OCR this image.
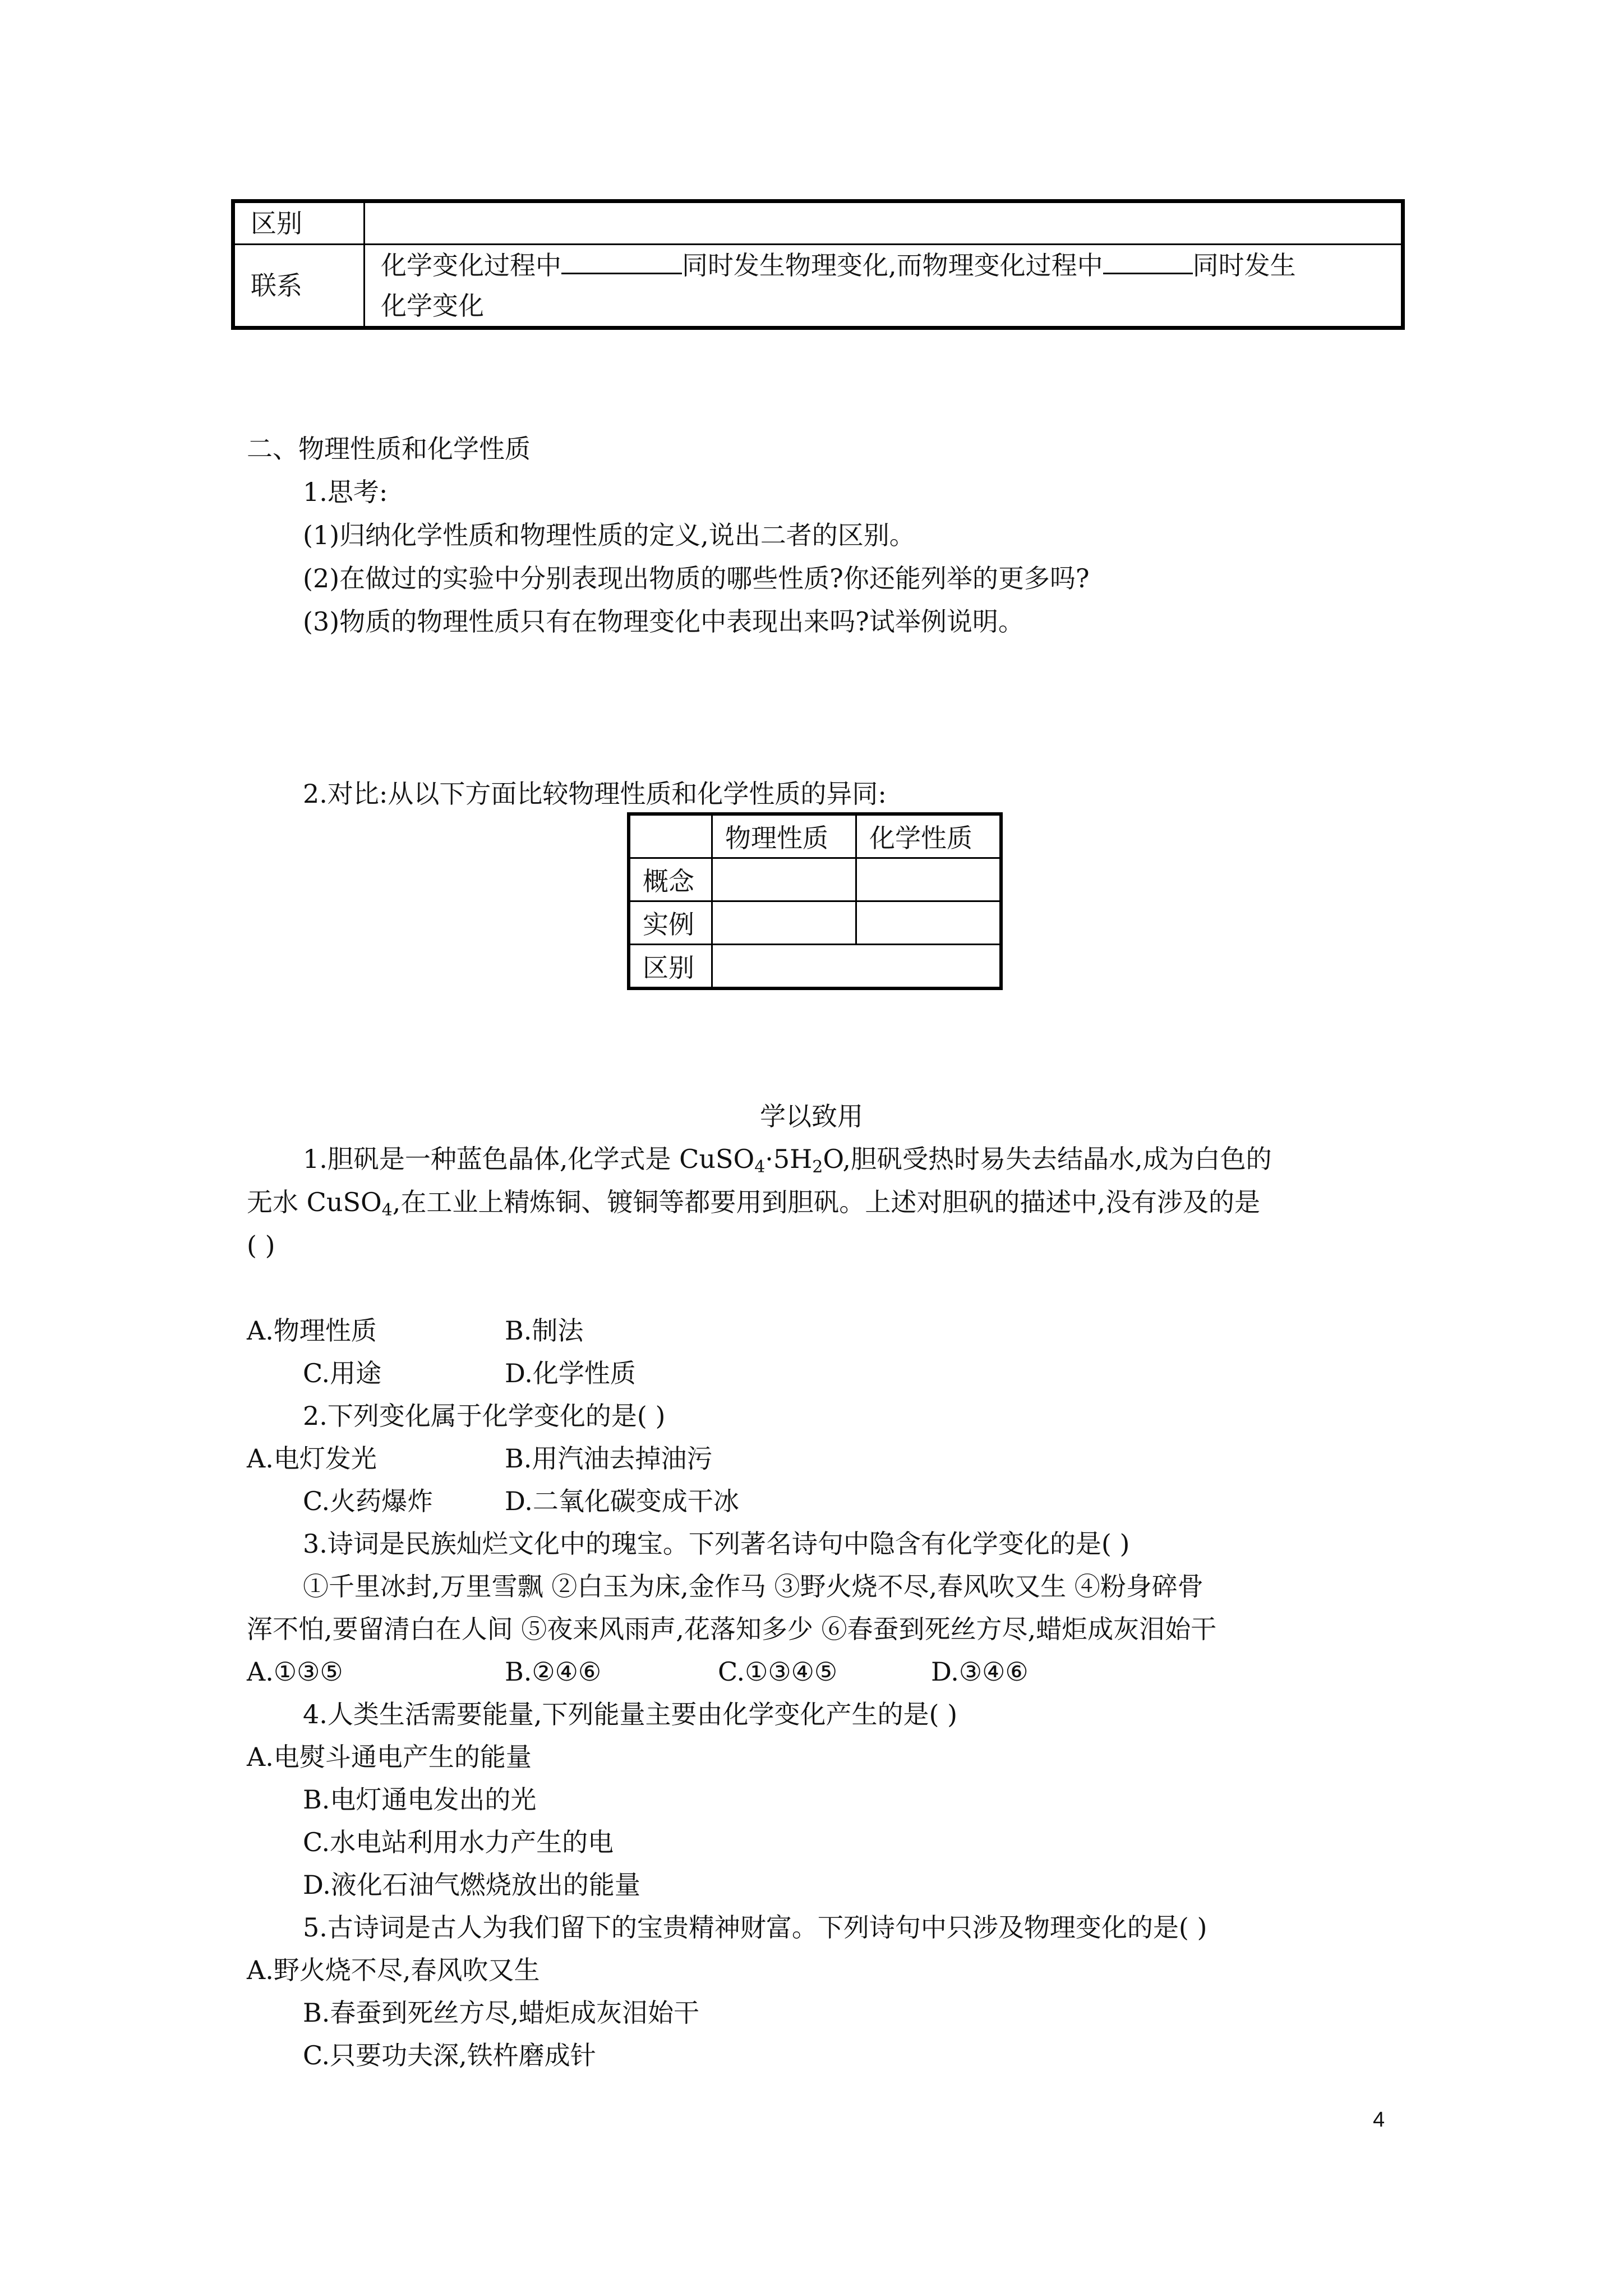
区别	
联系	化学变化过程中 同时发生物理变化,而物理变化过程中 同时发生
化学变化
二、物理性质和化学性质
1.思考:
(1)归纳化学性质和物理性质的定义,说出二者的区别。
(2)在做过的实验中分别表现出物质的哪些性质?你还能列举的更多吗?
(3)物质的物理性质只有在物理变化中表现出来吗?试举例说明。
2.对比:从以下方面比较物理性质和化学性质的异同:
	物理性质	化学性质
概念		
实例		
区别		
学以致用
1.胆矾是一种蓝色晶体,化学式是 $CuSO_4\cdot 5H_2O$,胆矾受热时易失去结晶水,成为白色的
无水 CuSO$_4$,在工业上精炼铜、镀铜等都要用到胆矾。上述对胆矾的描述中,没有涉及的是
( )
A.物理性质	B.制法
C.用途	D.化学性质
2.下列变化属于化学变化的是( )
A.电灯发光	B.用汽油去掉油污
C.火药爆炸	D.二氧化碳变成干冰
3.诗词是民族灿烂文化中的瑰宝。下列著名诗句中隐含有化学变化的是( )
①千里冰封,万里雪飘 ②白玉为床,金作马 ③野火烧不尽,春风吹又生 ④粉身碎骨
浑不怕,要留清白在人间 ⑤夜来风雨声,花落知多少 ⑥春蚕到死丝方尽,蜡炬成灰泪始干
A.①③⑤	B.②④⑥	C.①③④⑤	D.③④⑥
4.人类生活需要能量,下列能量主要由化学变化产生的是( )
A.电熨斗通电产生的能量
B.电灯通电发出的光
C.水电站利用水力产生的电
D.液化石油气燃烧放出的能量
5.古诗词是古人为我们留下的宝贵精神财富。下列诗句中只涉及物理变化的是( )
A.野火烧不尽,春风吹又生
B.春蚕到死丝方尽,蜡炬成灰泪始干
C.只要功夫深,铁杵磨成针
4
